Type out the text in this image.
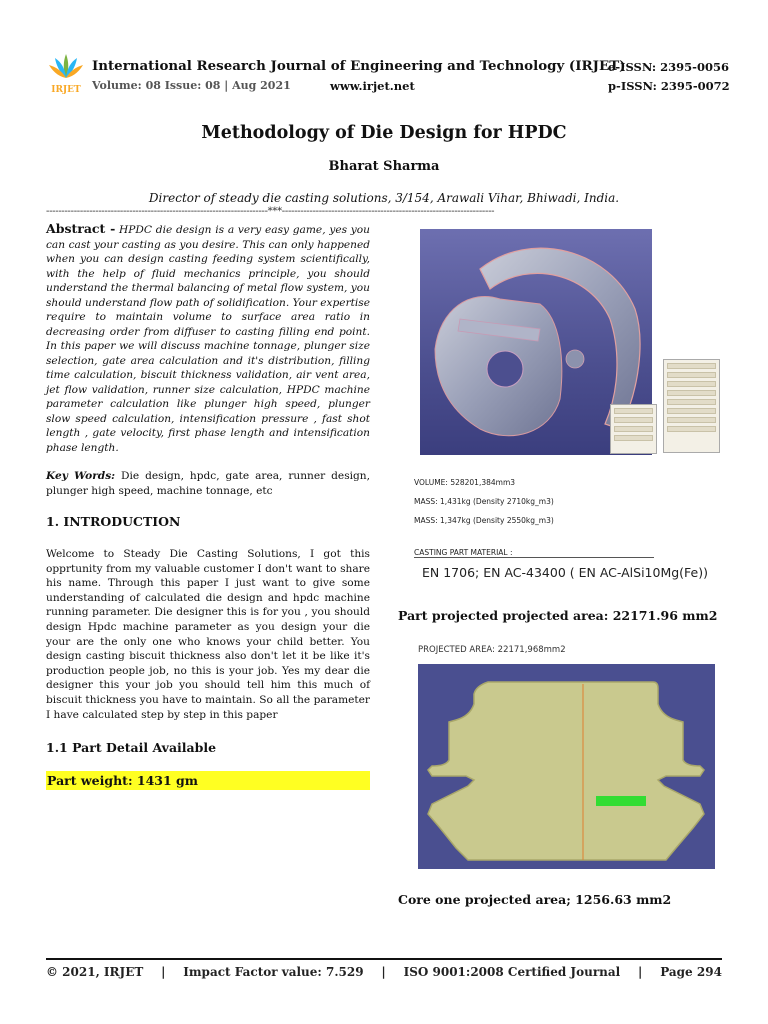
IRJET
International Research Journal of Engineering and Technology (IRJET)
Volume: 08 Issue: 08 | Aug 2021	www.irjet.net
e-ISSN: 2395-0056
p-ISSN: 2395-0072
Methodology of Die Design for HPDC
Bharat Sharma
Director of steady die casting solutions, 3/154, Arawali Vihar, Bhiwadi, India.
------------------------------------------------------------------------***---------------------------------------------------------------------

Abstract - HPDC die design is a very easy game, yes you can cast your casting as you desire. This can only happened when you can design casting feeding system scientifically, with the help of fluid mechanics principle, you should understand the thermal balancing of metal flow system, you should understand flow path of solidification. Your expertise require to maintain volume to surface area ratio in decreasing order from diffuser to casting filling end point. In this paper we will discuss machine tonnage, plunger size selection, gate area calculation and it's distribution, filling time calculation, biscuit thickness validation, air vent area, jet flow validation, runner size calculation, HPDC machine parameter calculation like plunger high speed, plunger slow speed calculation, intensification pressure , fast shot length , gate velocity, first phase length and intensification phase length.

Key Words: Die design, hpdc, gate area, runner design, plunger high speed, machine tonnage, etc

1. INTRODUCTION

Welcome to Steady Die Casting Solutions, I got this opprtunity from my valuable customer I don't want to share his name. Through this paper I just want to give some understanding of calculated die design and hpdc machine running parameter. Die designer this is for you , you should design Hpdc machine parameter as you design your die your are the only one who knows your child better. You design casting biscuit thickness also don't let it be like it's production people job, no this is your job. Yes my dear die designer this your job you should tell him this much of biscuit thickness you have to maintain. So all the parameter I have calculated step by step in this paper

1.1 Part Detail Available
Part weight: 1431 gm
VOLUME: 528201,384mm3
MASS: 1,431kg (Density 2710kg_m3)
MASS: 1,347kg (Density 2550kg_m3)
CASTING PART MATERIAL :
EN 1706; EN AC-43400 ( EN AC-AlSi10Mg(Fe))
Part projected projected area: 22171.96 mm2
PROJECTED AREA: 22171,968mm2
Core one projected area; 1256.63 mm2
© 2021, IRJET | Impact Factor value: 7.529 | ISO 9001:2008 Certified Journal | Page 294
